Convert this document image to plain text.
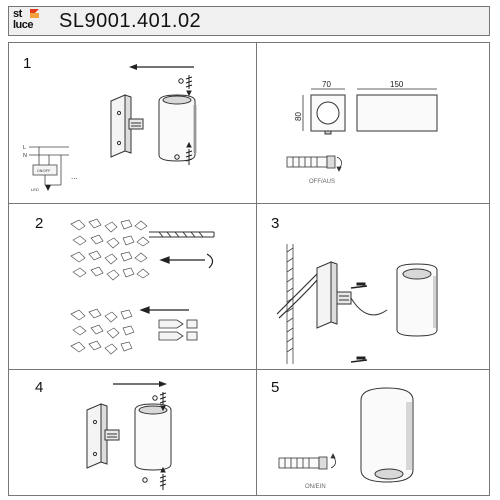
st
luce SL9001.401.02
1
L
N
ON/OFF
LED
...
70	150
80
OFF/AUS
2	3
4	5
ON/EIN
